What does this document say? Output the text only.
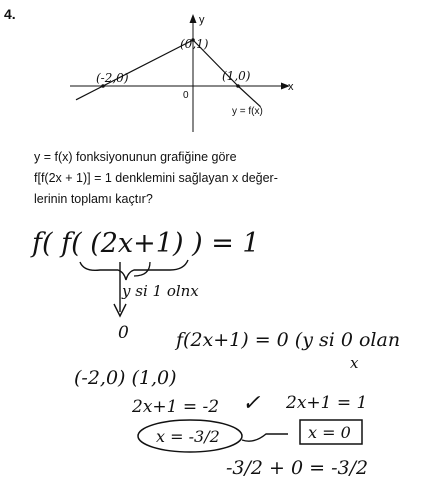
4.	y
x
0
y = f(x)
(0,1)
(-2,0)	(1,0)
y = f(x) fonksiyonunun grafiğine göre
f[f(2x + 1)] = 1 denklemini sağlayan x değer-
lerinin toplamı kaçtır?
f( f( (2x+1) ) = 1
y si 1 olnx
0 f(2x+1) = 0 (y si 0 olan
x
(-2,0) (1,0)
2x+1 = -2 ✓ 2x+1 = 1
x = -3/2	x = 0
-3/2 + 0 = -3/2
